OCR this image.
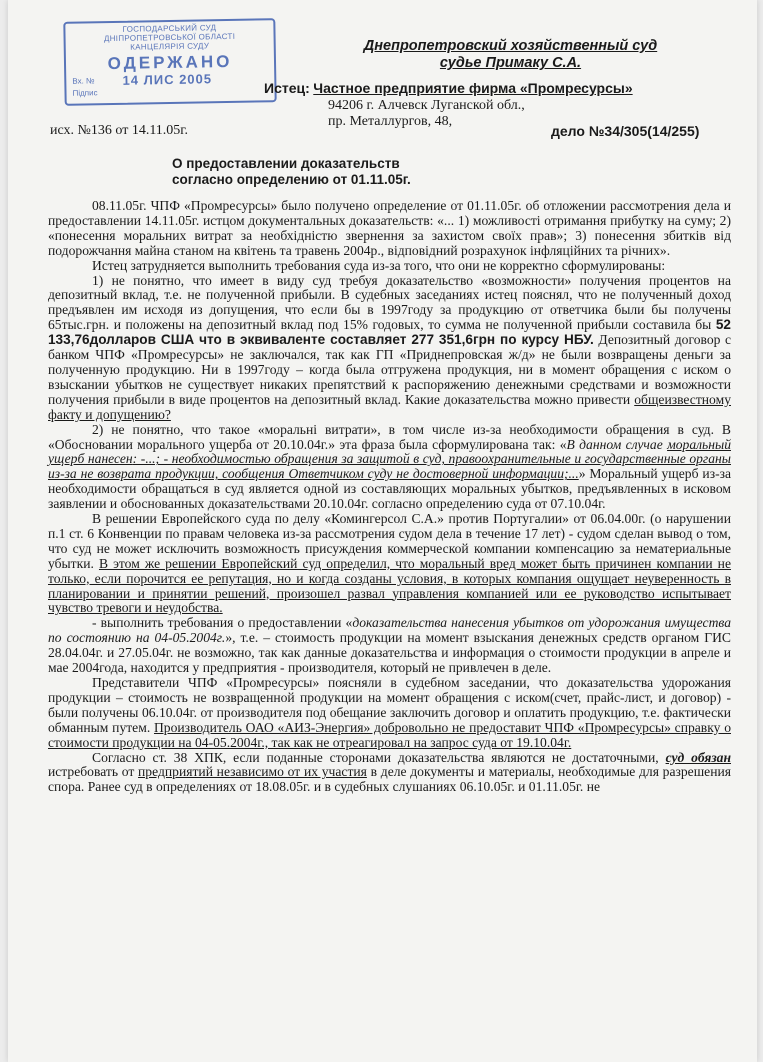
ГОСПОДАРСЬКИЙ СУД
ДНІПРОПЕТРОВСЬКОЇ ОБЛАСТІ
КАНЦЕЛЯРІЯ СУДУ
ОДЕРЖАНО
Вх. № 14 ЛИС 2005
Підпис
Днепропетровский хозяйственный суд
судье Примаку С.А.
Истец: Частное предприятие фирма «Промресурсы»
94206 г. Алчевск Луганской обл.,
пр. Металлургов, 48,
исх. №136 от 14.11.05г.	дело №34/305(14/255)
О предоставлении доказательств
согласно определению от 01.11.05г.

08.11.05г. ЧПФ «Промресурсы» было получено определение от 01.11.05г. об отложении рассмотрения дела и предоставлении 14.11.05г. истцом документальных доказательств: «... 1) можливості отримання прибутку на суму; 2) «понесення моральних витрат за необхідністю звернення за захистом своїх прав»; 3) понесення збитків від подорожчання майна станом на квітень та травень 2004р., відповідний розрахунок інфляційних та річних».

Истец затрудняется выполнить требования суда из-за того, что они не корректно сформулированы:

1) не понятно, что имеет в виду суд требуя доказательство «возможности» получения процентов на депозитный вклад, т.е. не полученной прибыли. В судебных заседаниях истец пояснял, что не полученный доход предъявлен им исходя из допущения, что если бы в 1997году за продукцию от ответчика были бы получены 65тыс.грн. и положены на депозитный вклад под 15% годовых, то сумма не полученной прибыли составила бы 52 133,76долларов США что в эквиваленте составляет 277 351,6грн по курсу НБУ. Депозитный договор с банком ЧПФ «Промресурсы» не заключался, так как ГП «Приднепровская ж/д» не были возвращены деньги за полученную продукцию. Ни в 1997году – когда была отгружена продукция, ни в момент обращения с иском о взыскании убытков не существует никаких препятствий к распоряжению денежными средствами и возможности получения прибыли в виде процентов на депозитный вклад. Какие доказательства можно привести общеизвестному факту и допущению?

2) не понятно, что такое «моральні витрати», в том числе из-за необходимости обращения в суд. В «Обосновании морального ущерба от 20.10.04г.» эта фраза была сформулирована так: «В данном случае моральный ущерб нанесен: -...; - необходимостью обращения за защитой в суд, правоохранительные и государственные органы из-за не возврата продукции, сообщения Ответчиком суду не достоверной информации;...» Моральный ущерб из-за необходимости обращаться в суд является одной из составляющих моральных убытков, предъявленных в исковом заявлении и обоснованных доказательствами 20.10.04г. согласно определению суда от 07.10.04г.

В решении Европейского суда по делу «Комингерсол С.А.» против Португалии» от 06.04.00г. (о нарушении п.1 ст. 6 Конвенции по правам человека из-за рассмотрения судом дела в течение 17 лет) - судом сделан вывод о том, что суд не может исключить возможность присуждения коммерческой компании компенсацию за нематериальные убытки. В этом же решении Европейский суд определил, что моральный вред может быть причинен компании не только, если порочится ее репутация, но и когда созданы условия, в которых компания ощущает неуверенность в планировании и принятии решений, произошел развал управления компанией или ее руководство испытывает чувство тревоги и неудобства.

- выполнить требования о предоставлении «доказательства нанесения убытков от удорожания имущества по состоянию на 04-05.2004г.», т.е. – стоимость продукции на момент взыскания денежных средств органом ГИС 28.04.04г. и 27.05.04г. не возможно, так как данные доказательства и информация о стоимости продукции в апреле и мае 2004года, находится у предприятия - производителя, который не привлечен в деле.

Представители ЧПФ «Промресурсы» поясняли в судебном заседании, что доказательства удорожания продукции – стоимость не возвращенной продукции на момент обращения с иском(счет, прайс-лист, и договор) - были получены 06.10.04г. от производителя под обещание заключить договор и оплатить продукцию, т.е. фактически обманным путем. Производитель ОАО «АИЗ-Энергия» добровольно не предоставит ЧПФ «Промресурсы» справку о стоимости продукции на 04-05.2004г., так как не отреагировал на запрос суда от 19.10.04г.

Согласно ст. 38 ХПК, если поданные сторонами доказательства являются не достаточными, суд обязан истребовать от предприятий независимо от их участия в деле документы и материалы, необходимые для разрешения спора. Ранее суд в определениях от 18.08.05г. и в судебных слушаниях 06.10.05г. и 01.11.05г. не
